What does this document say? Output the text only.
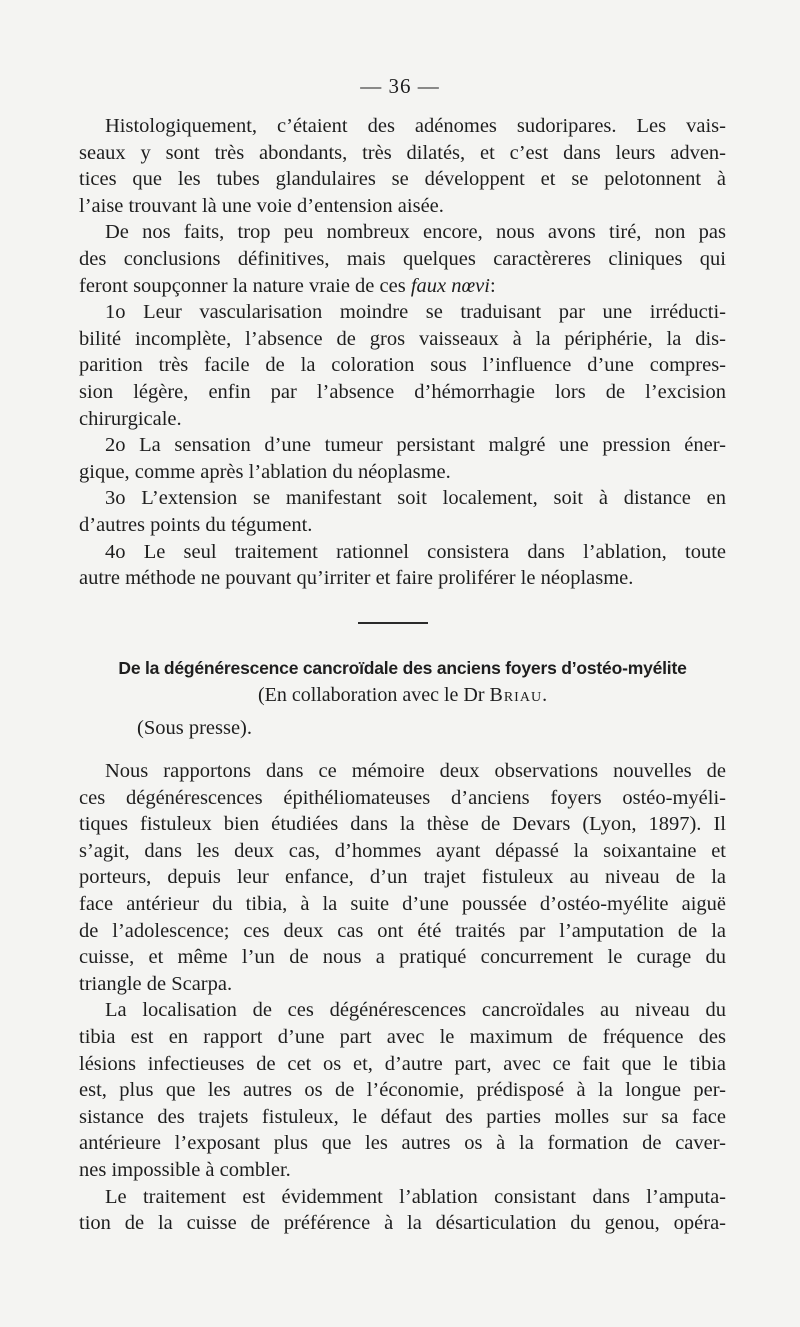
— 36 —

Histologiquement, c’étaient des adénomes sudoripares. Les vais-

seaux y sont très abondants, très dilatés, et c’est dans leurs adven-

tices que les tubes glandulaires se développent et se pelotonnent à

l’aise trouvant là une voie d’entension aisée.

De nos faits, trop peu nombreux encore, nous avons tiré, non pas

des conclusions définitives, mais quelques caractèreres cliniques qui

feront soupçonner la nature vraie de ces faux nœvi:

1o Leur vascularisation moindre se traduisant par une irréducti-

bilité incomplète, l’absence de gros vaisseaux à la périphérie, la dis-

parition très facile de la coloration sous l’influence d’une compres-

sion légère, enfin par l’absence d’hémorrhagie lors de l’excision

chirurgicale.

2o La sensation d’une tumeur persistant malgré une pression éner-

gique, comme après l’ablation du néoplasme.

3o L’extension se manifestant soit localement, soit à distance en

d’autres points du tégument.

4o Le seul traitement rationnel consistera dans l’ablation, toute

autre méthode ne pouvant qu’irriter et faire proliférer le néoplasme.

De la dégénérescence cancroïdale des anciens foyers d’ostéo-myélite
(En collaboration avec le Dr Briau.
(Sous presse).

Nous rapportons dans ce mémoire deux observations nouvelles de

ces dégénérescences épithéliomateuses d’anciens foyers ostéo-myéli-

tiques fistuleux bien étudiées dans la thèse de Devars (Lyon, 1897). Il

s’agit, dans les deux cas, d’hommes ayant dépassé la soixantaine et

porteurs, depuis leur enfance, d’un trajet fistuleux au niveau de la

face antérieur du tibia, à la suite d’une poussée d’ostéo-myélite aiguë

de l’adolescence; ces deux cas ont été traités par l’amputation de la

cuisse, et même l’un de nous a pratiqué concurrement le curage du

triangle de Scarpa.

La localisation de ces dégénérescences cancroïdales au niveau du

tibia est en rapport d’une part avec le maximum de fréquence des

lésions infectieuses de cet os et, d’autre part, avec ce fait que le tibia

est, plus que les autres os de l’économie, prédisposé à la longue per-

sistance des trajets fistuleux, le défaut des parties molles sur sa face

antérieure l’exposant plus que les autres os à la formation de caver-

nes impossible à combler.

Le traitement est évidemment l’ablation consistant dans l’amputa-

tion de la cuisse de préférence à la désarticulation du genou, opéra-
